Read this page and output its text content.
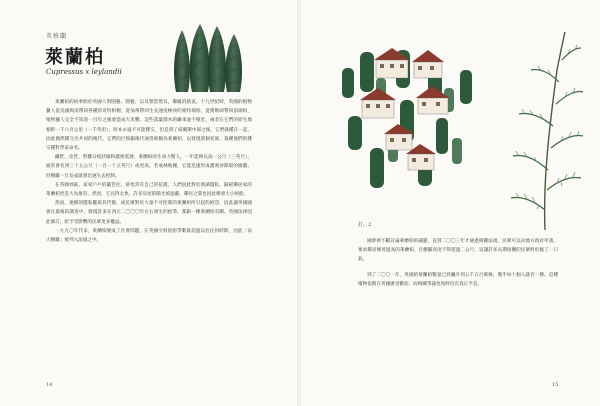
英格蘭
萊蘭柏
Cupressus x leylandii

萊蘭柏的故事始於英國人對園藝、園藝，以及想當然耳，鄰級的熱衷。十九世紀時，英國的植物獵人從美國與南帶回各種的奇特柏樹，從加州帶回生長速度極快的蒙特瑞柏，從奧勒岡帶回頂端柏，植物獵人完全不知道一百年之後會造成大災難。這些落葉喬木的繼承並不相近，兩者在它們的原生地相距一千六百公里（一千英里），原本永遠不可能雜交，但是到了威爾斯中部之後，它們就種在一起，因此偶然雜交出共同的後代。它們的巨無霸後代通常被稱為萊蘭柏，以發現那個家族、栽種他們的雜交種科學家命名。

鐵匠、皮匠、對雛分枝狀綠和濃密低矮，萊蘭柏的生命力驚人，一年能夠長高一公尺（三英尺），通常會長到三十五公尺（一百一十五英尺）或更高。若成林地種，它能迅速形成濃密屏障般的綠牆，但樹籬一旦長成就會迅速失去控制。

在英國郊區，家家戶戶的籬笆往，卻也常有自己的花園。人們因此對於強調隱私，隔絕鄰居家的萊蘭柏更是大為推崇。然而，它長得太快，許多房屋的陽光被遮蔽，鄰居之間也因此爆發大小糾紛。

然而，連續的隱私權與其代價，或民眾對於大量不可控制的萊蘭柏所引起的抱怨，因此讓英國國會在最後的調查中，發現許多在西元二〇〇〇年左右發生的紛爭，都跟一棵萊蘭柏有關。英國法律因此修訂，給予受影響的民眾更多權益。

一九九〇年代末，萊蘭柏變成了社會問題，在英國引發的紛爭數量超過以往任何時期，因此「高大樹籬」被列入法規之中。

14
打，2

國會裡不斷討論萊蘭柏的議題，直到二〇〇三年才通過相關法規，民眾可以向地方政府申請，要求鄰居修剪過高的萊蘭柏，且樹籬高度不得超過二公尺，這讓許多長期困擾的民眾終於鬆了一口氣。

到了二〇〇一年，英國的萊蘭柏數量已經飆升到五千五百萬株，幾乎每十個人就有一棵。這種植物依舊在英國廣受歡迎，而相關爭議也始終沒有真正平息。

15
